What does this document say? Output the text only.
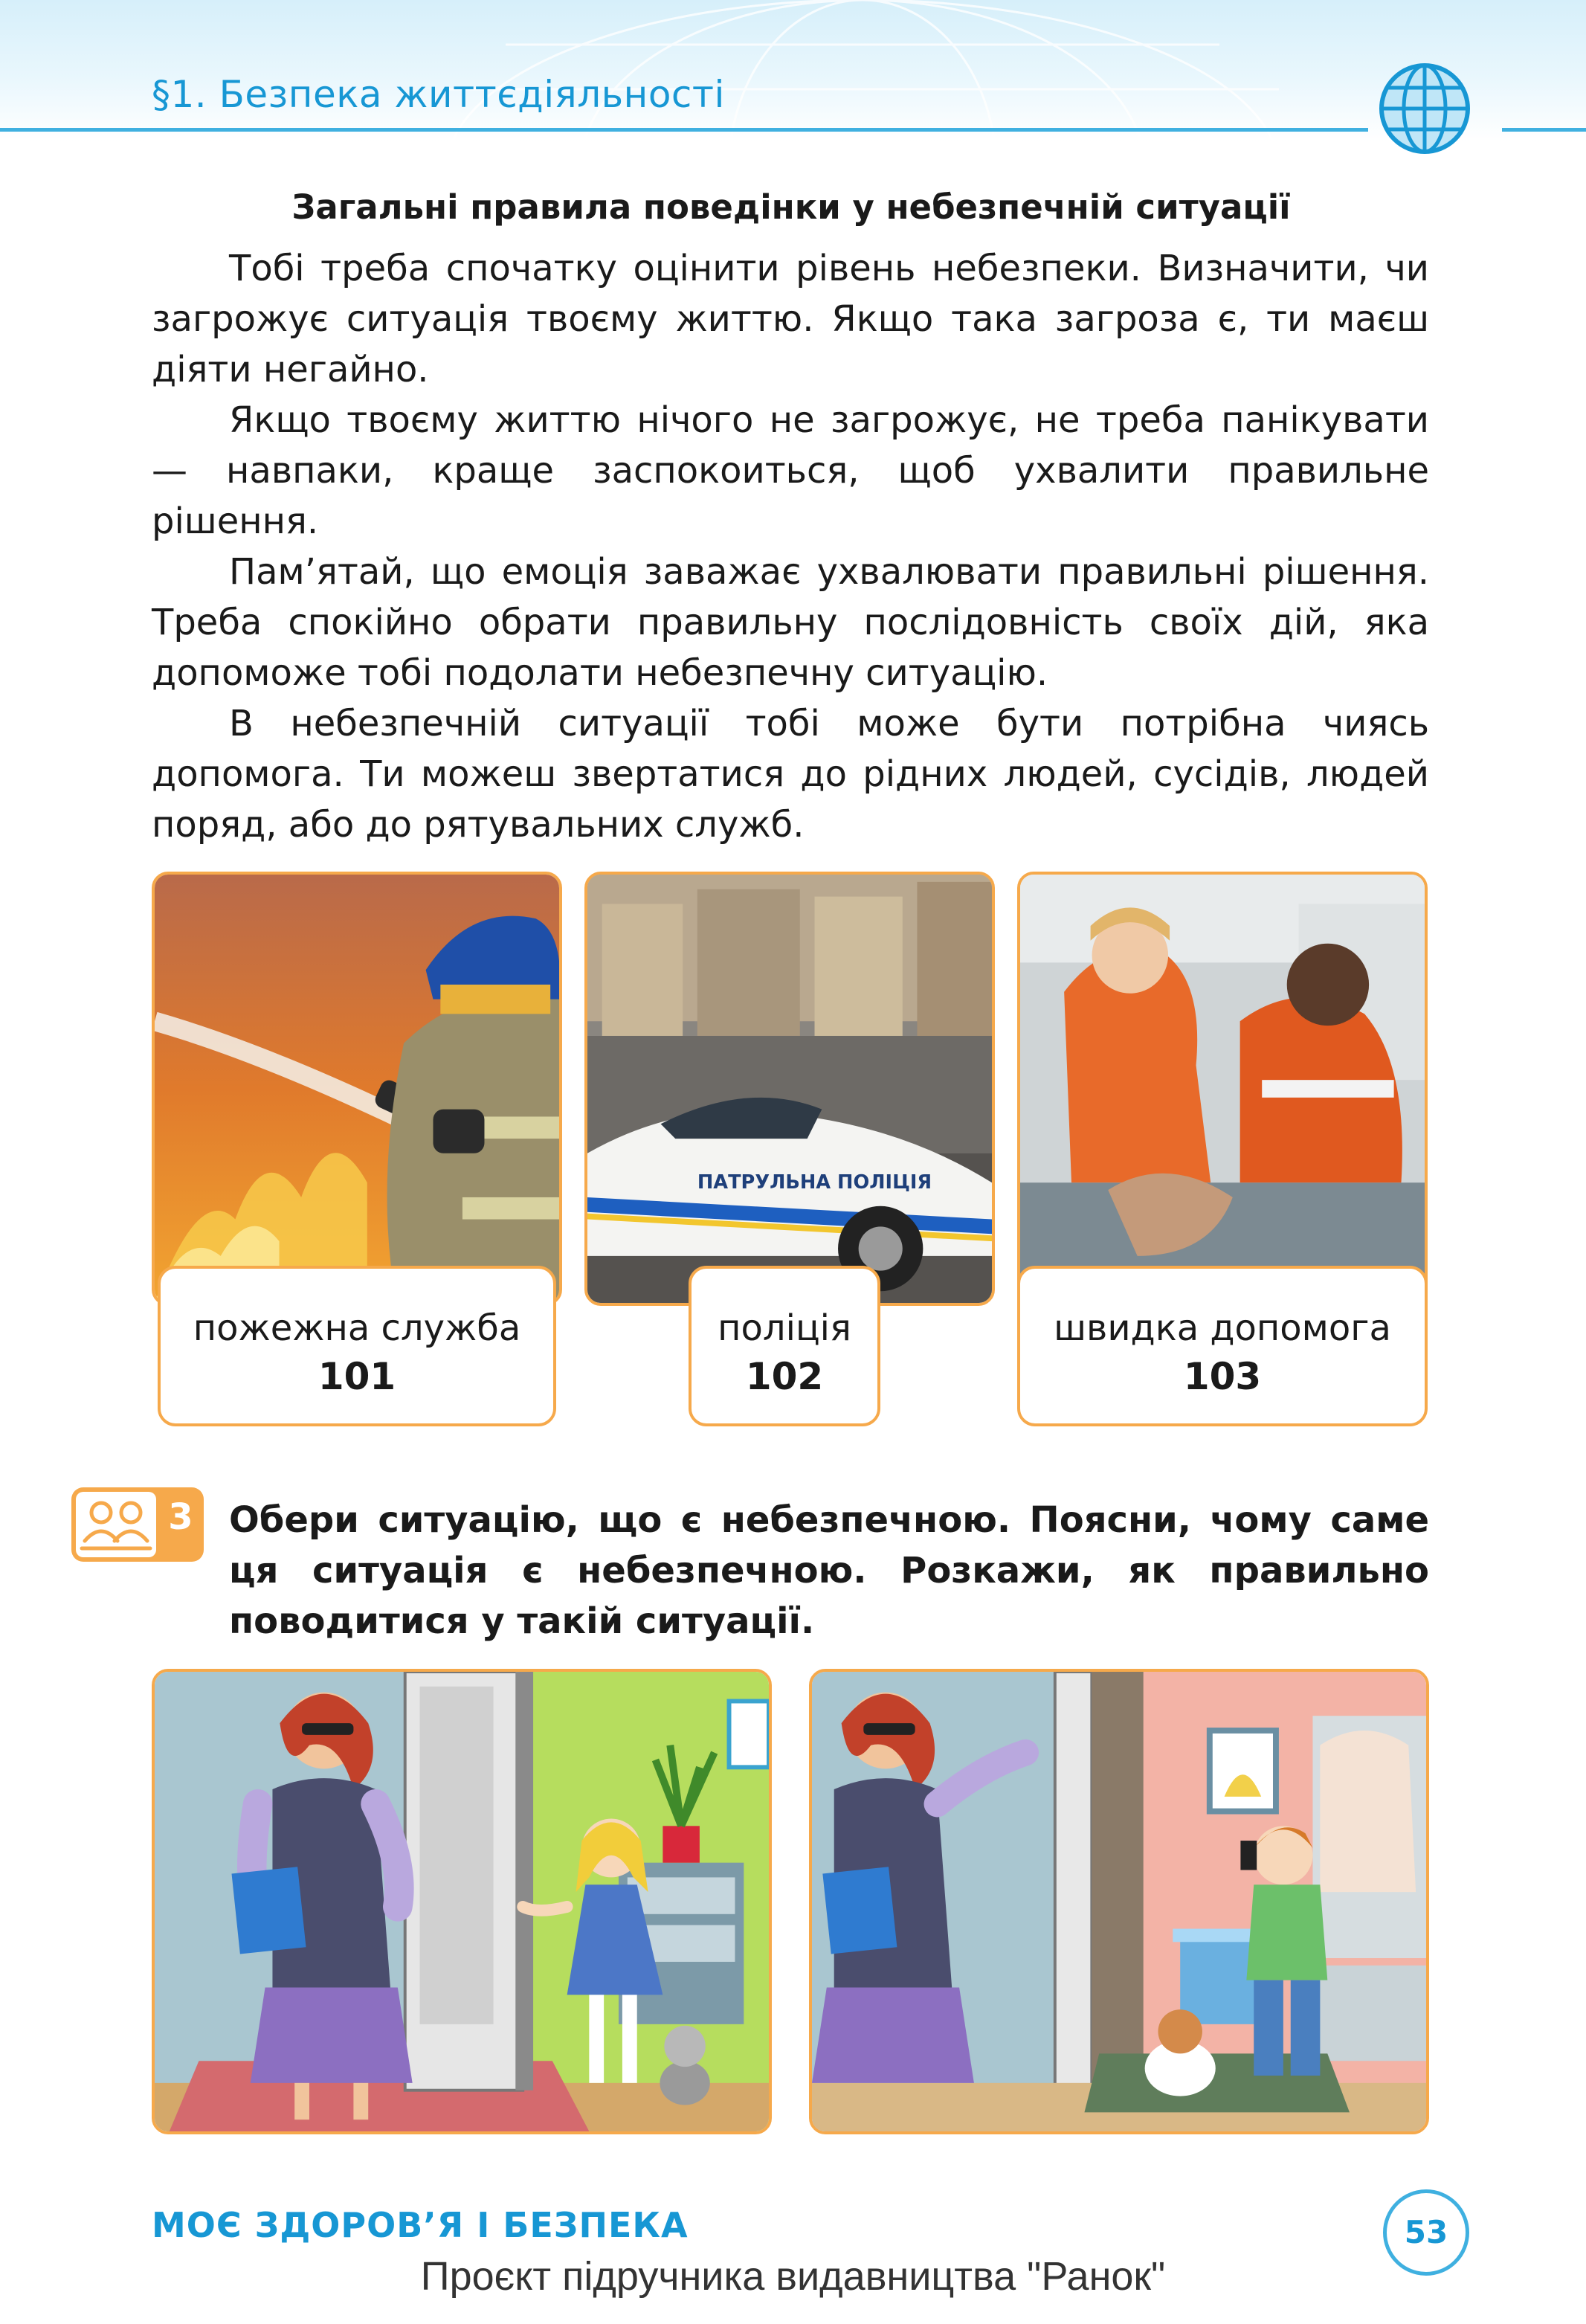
§1. Безпека життєдіяльності
Загальні правила поведінки у небезпечній ситуації
Тобі треба спочатку оцінити рівень небезпеки. Визначити, чи загрожує ситуація твоєму життю. Якщо така загроза є, ти маєш діяти негайно.
Якщо твоєму життю нічого не загрожує, не треба панікувати — навпаки, краще заспокоиться, щоб ухвалити правильне рішення.
Пам’ятай, що емоція заважає ухвалювати правильні рішення. Треба спокійно обрати правильну послідовність своїх дій, яка допоможе тобі подолати небезпечну ситуацію.
В небезпечній ситуації тобі може бути потрібна чиясь допомога. Ти можеш звертатися до рідних людей, сусідів, людей поряд, або до рятувальних служб.
ПАТРУЛЬНА ПОЛІЦІЯ
пожежна служба
101
поліція
102
швидка допомога
103
3 Обери ситуацію, що є небезпечною. Поясни, чому саме ця ситуація є небезпечною. Розкажи, як правильно поводитися у такій ситуації.
МОЄ ЗДОРОВ’Я І БЕЗПЕКА	53
Проєкт підручника видавництва "Ранок"
